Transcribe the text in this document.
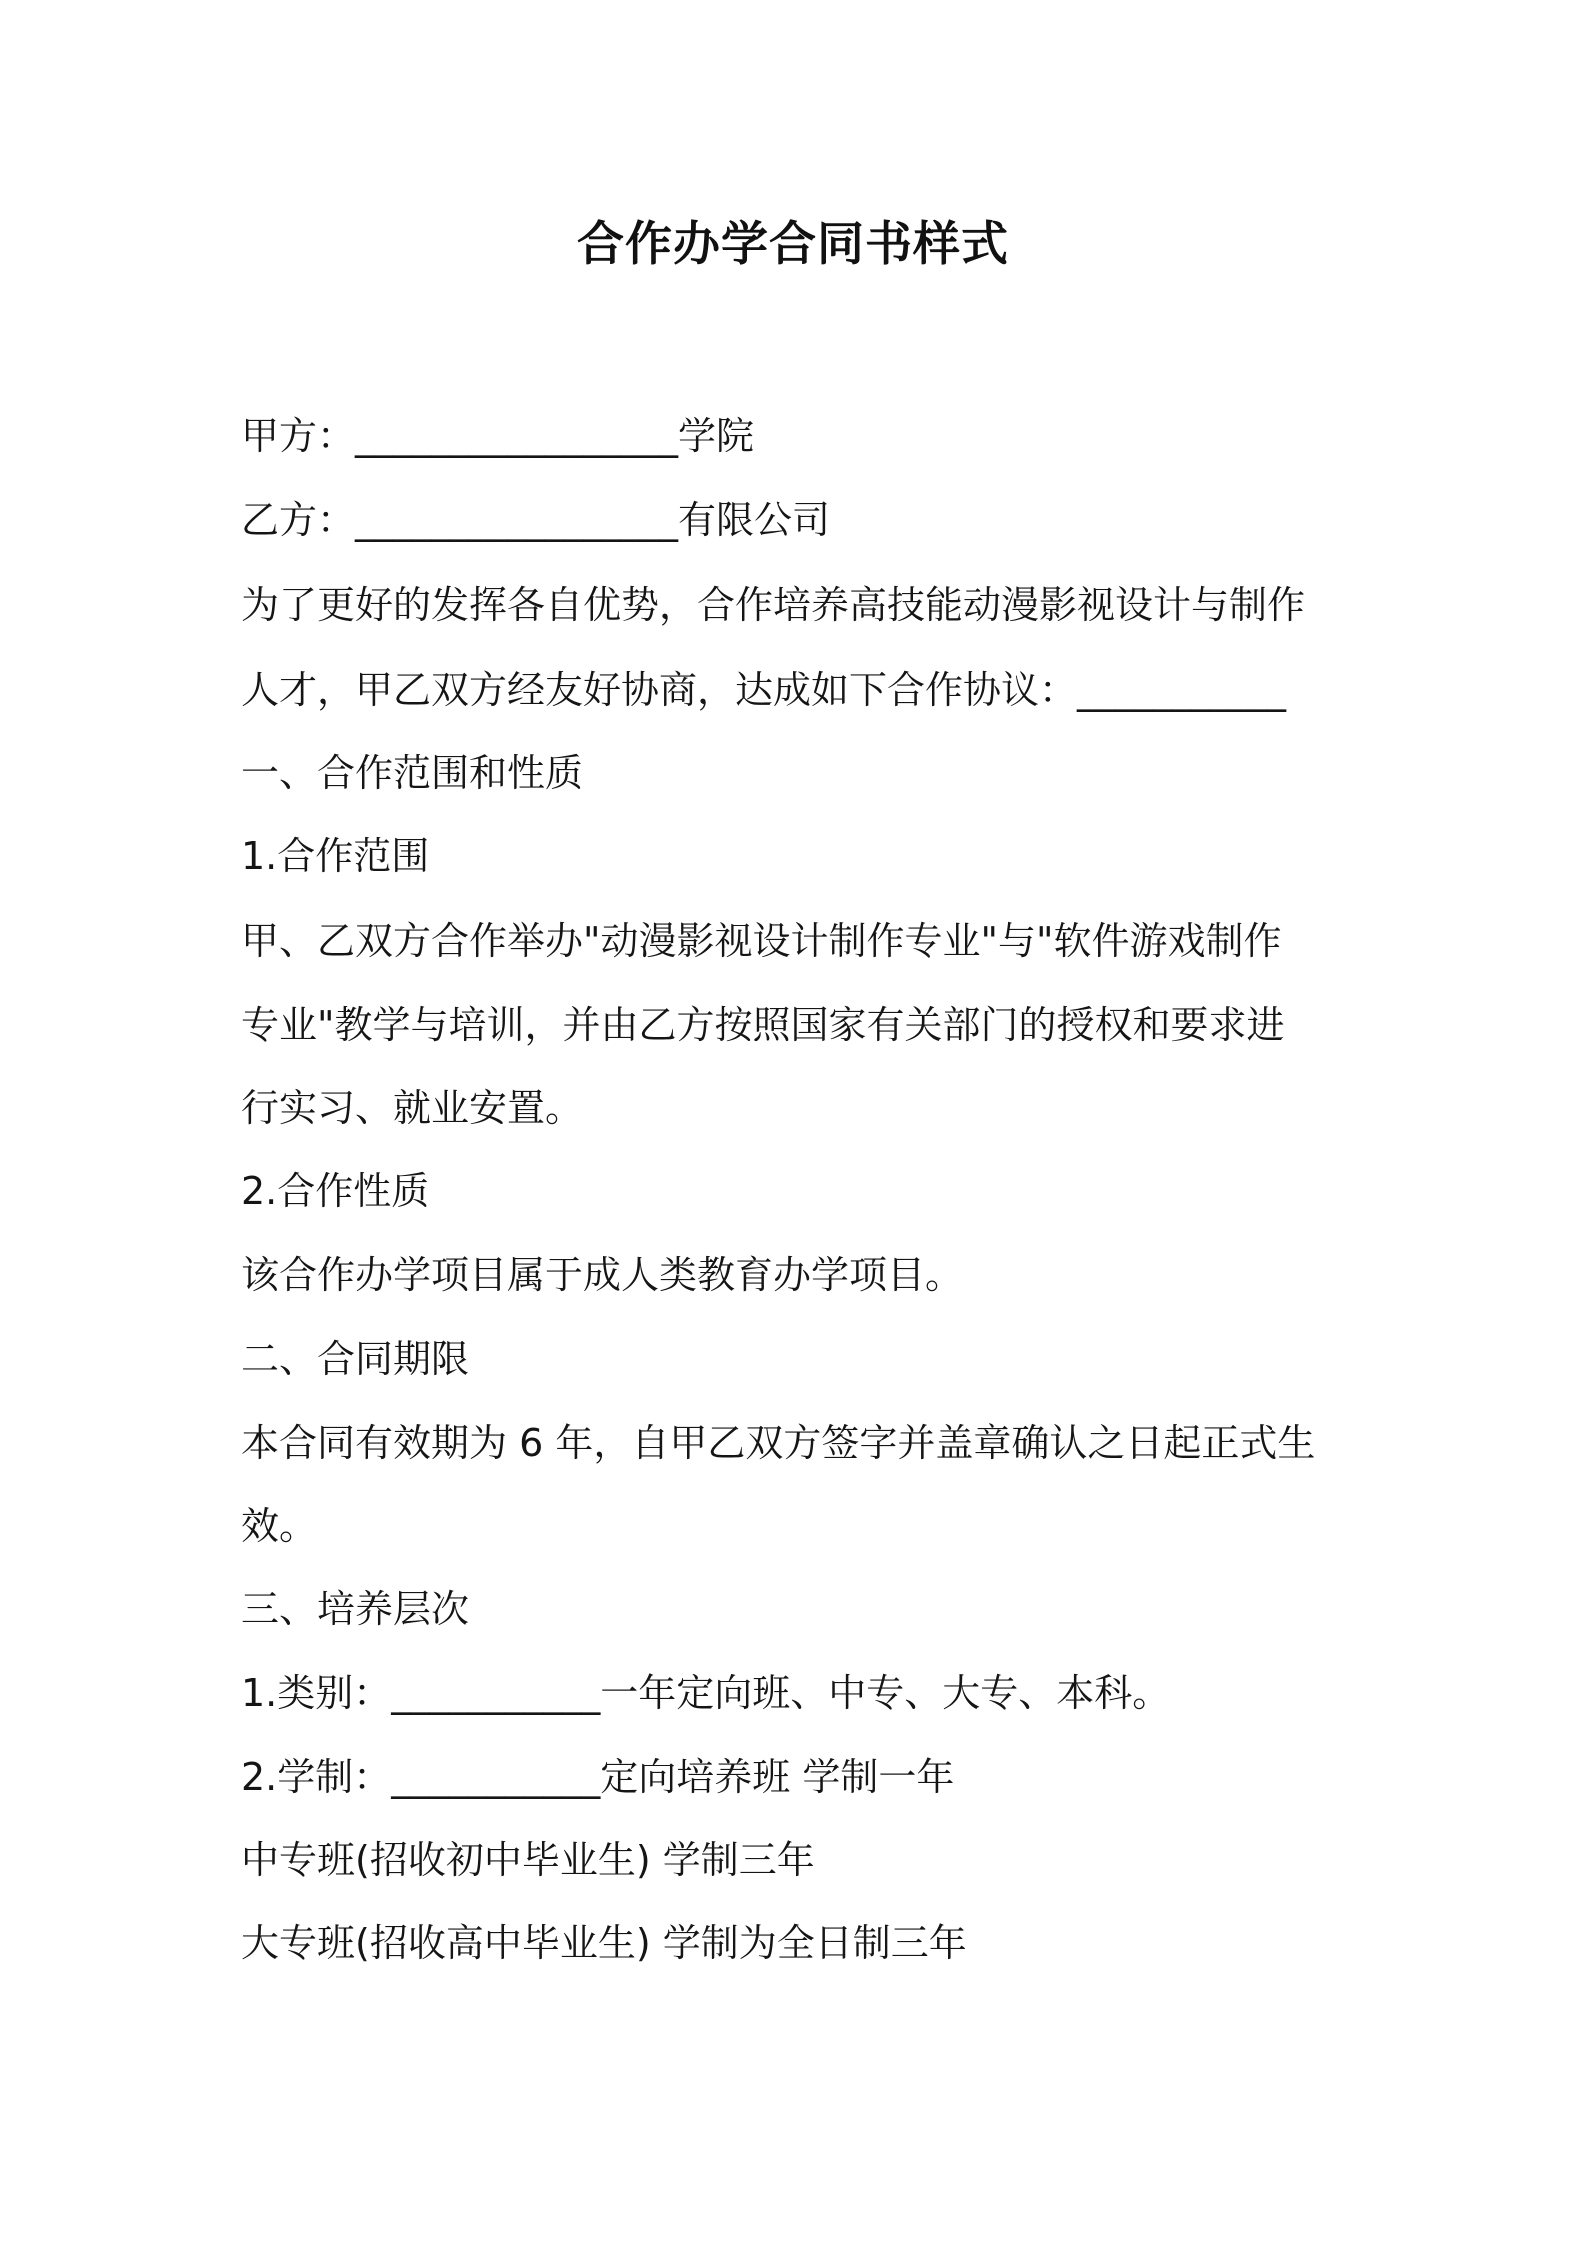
合作办学合同书样式
甲方：_________________学院
乙方：_________________有限公司
为了更好的发挥各自优势，合作培养高技能动漫影视设计与制作
人才，甲乙双方经友好协商，达成如下合作协议：___________
一、合作范围和性质
1.合作范围
甲、乙双方合作举办"动漫影视设计制作专业"与"软件游戏制作
专业"教学与培训，并由乙方按照国家有关部门的授权和要求进
行实习、就业安置。
2.合作性质
该合作办学项目属于成人类教育办学项目。
二、合同期限
本合同有效期为 6 年，自甲乙双方签字并盖章确认之日起正式生
效。
三、培养层次
1.类别：___________一年定向班、中专、大专、本科。
2.学制：___________定向培养班 学制一年
中专班(招收初中毕业生) 学制三年
大专班(招收高中毕业生) 学制为全日制三年
